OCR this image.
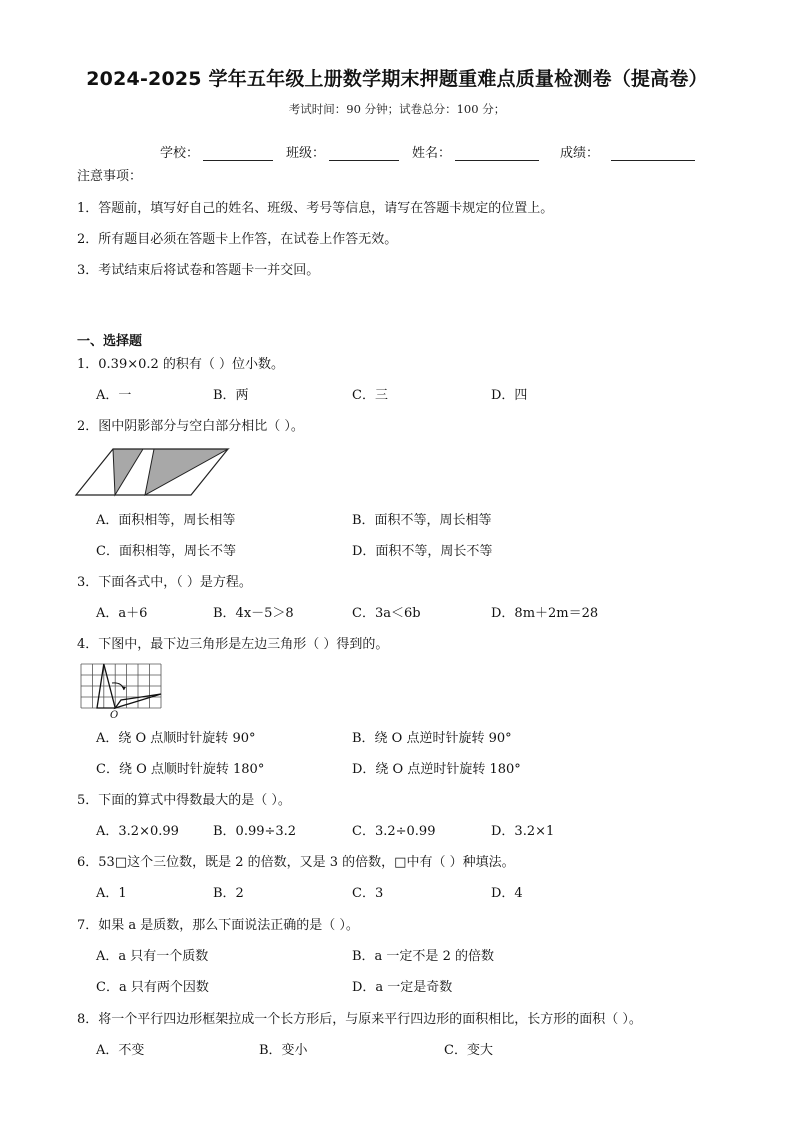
2024-2025 学年五年级上册数学期末押题重难点质量检测卷（提高卷）
考试时间：90 分钟；试卷总分：100 分；
学校：	班级：	姓名：	成绩：
注意事项：
1．答题前，填写好自己的姓名、班级、考号等信息，请写在答题卡规定的位置上。
2．所有题目必须在答题卡上作答，在试卷上作答无效。
3．考试结束后将试卷和答题卡一并交回。
一、选择题
1．0.39×0.2 的积有（ ）位小数。
A．一	B．两	C．三	D．四
2．图中阴影部分与空白部分相比（ ）。
A．面积相等，周长相等	B．面积不等，周长相等
C．面积相等，周长不等	D．面积不等，周长不等
3．下面各式中，（ ）是方程。
A．a＋6	B．4x－5＞8	C．3a＜6b	D．8m＋2m＝28
4．下图中，最下边三角形是左边三角形（ ）得到的。
O
A．绕 O 点顺时针旋转 90°	B．绕 O 点逆时针旋转 90°
C．绕 O 点顺时针旋转 180°	D．绕 O 点逆时针旋转 180°
5．下面的算式中得数最大的是（ ）。
A．3.2×0.99	B．0.99÷3.2	C．3.2÷0.99	D．3.2×1
6．53□这个三位数，既是 2 的倍数，又是 3 的倍数，□中有（ ）种填法。
A．1	B．2	C．3	D．4
7．如果 a 是质数，那么下面说法正确的是（ ）。
A．a 只有一个质数	B．a 一定不是 2 的倍数
C．a 只有两个因数	D．a 一定是奇数
8．将一个平行四边形框架拉成一个长方形后，与原来平行四边形的面积相比，长方形的面积（ ）。
A．不变	B．变小	C．变大
